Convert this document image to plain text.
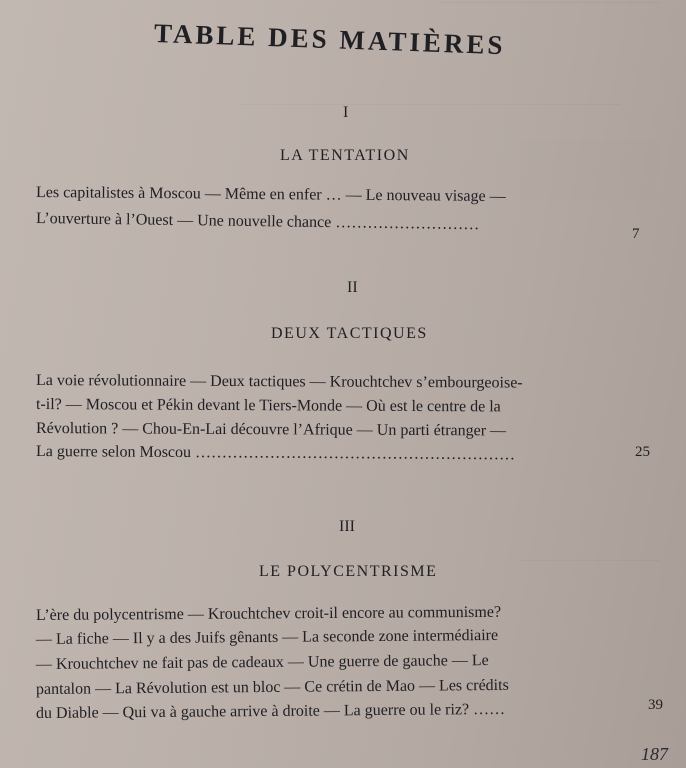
TABLE DES MATIÈRES
I
LA TENTATION
Les capitalistes à Moscou — Même en enfer … — Le nouveau visage —
L’ouverture à l’Ouest — Une nouvelle chance ………………………
7
II
DEUX TACTIQUES
La voie révolutionnaire — Deux tactiques — Krouchtchev s’embourgeoise-
t-il? — Moscou et Pékin devant le Tiers-Monde — Où est le centre de la
Révolution ? — Chou-En-Lai découvre l’Afrique — Un parti étranger —
La guerre selon Moscou ……………………………………………………	25
III
LE POLYCENTRISME
L’ère du polycentrisme — Krouchtchev croit-il encore au communisme?
— La fiche — Il y a des Juifs gênants — La seconde zone intermédiaire
— Krouchtchev ne fait pas de cadeaux — Une guerre de gauche — Le
pantalon — La Révolution est un bloc — Ce crétin de Mao — Les crédits
du Diable — Qui va à gauche arrive à droite — La guerre ou le riz? ……	39
187
